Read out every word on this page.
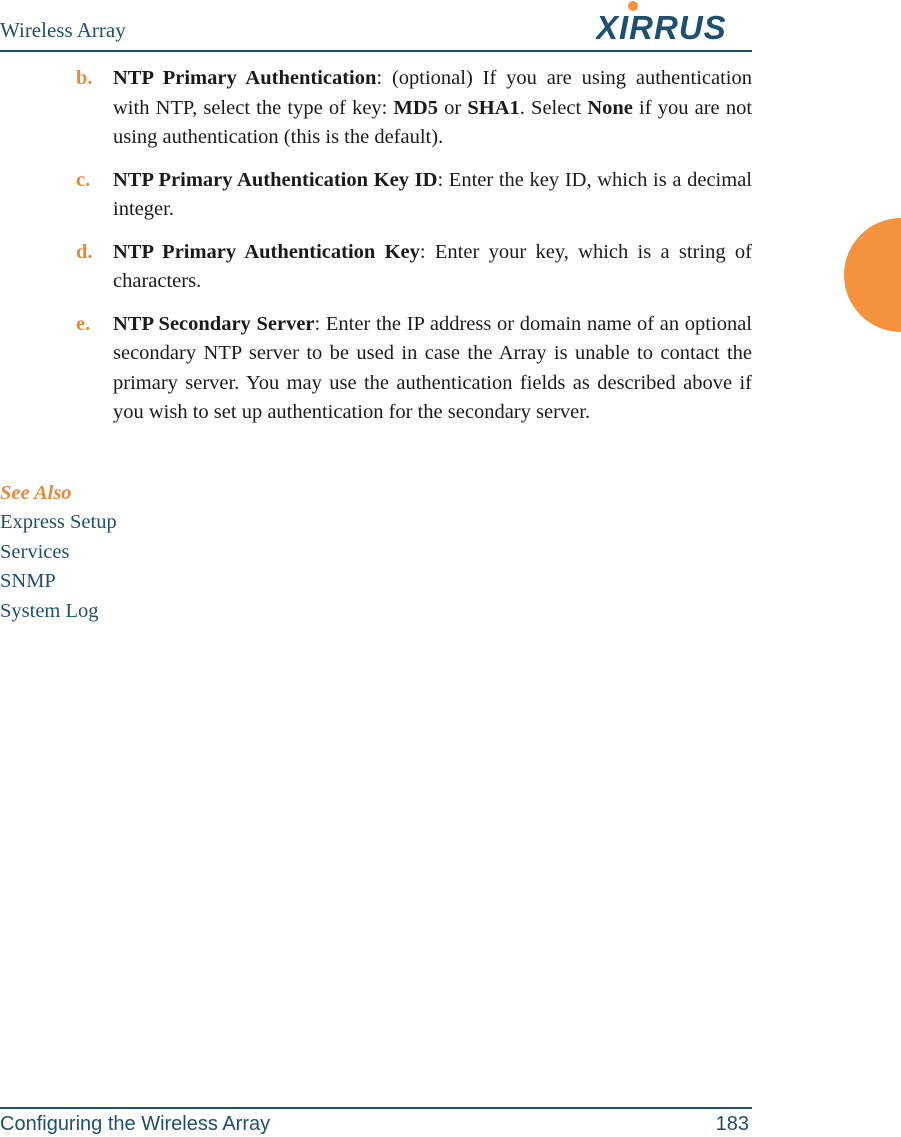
Wireless Array	XIRRUS
b. NTP Primary Authentication: (optional) If you are using authentication with NTP, select the type of key: MD5 or SHA1. Select None if you are not using authentication (this is the default).
c. NTP Primary Authentication Key ID: Enter the key ID, which is a decimal integer.
d. NTP Primary Authentication Key: Enter your key, which is a string of characters.
e. NTP Secondary Server: Enter the IP address or domain name of an optional secondary NTP server to be used in case the Array is unable to contact the primary server. You may use the authentication fields as described above if you wish to set up authentication for the secondary server.
See Also
Express Setup
Services
SNMP
System Log
Configuring the Wireless Array	183
